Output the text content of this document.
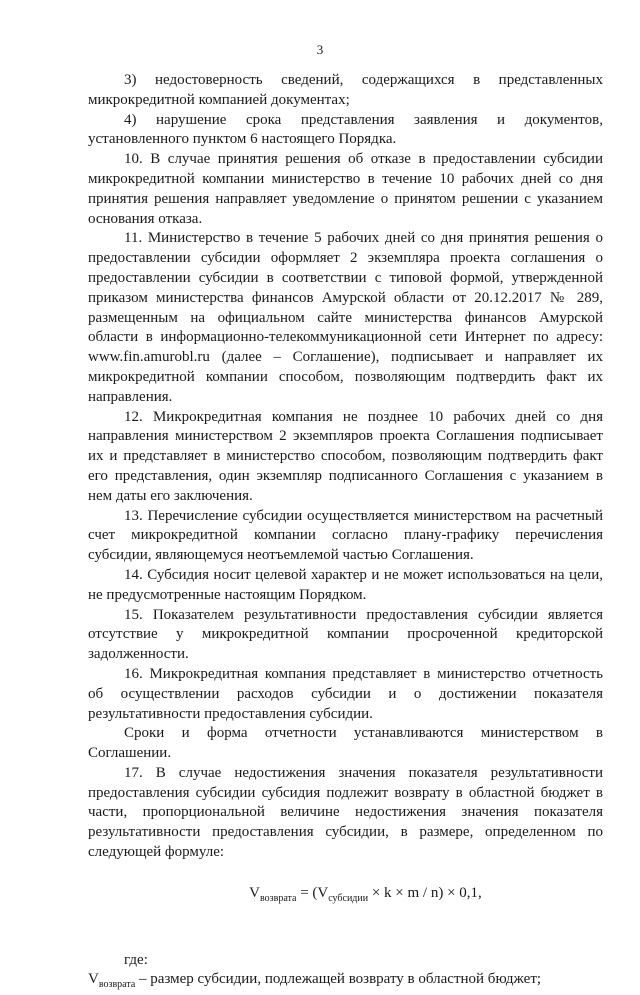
3

3) недостоверность сведений, содержащихся в представленных микрокредитной компанией документах;

4) нарушение срока представления заявления и документов, установленного пунктом 6 настоящего Порядка.

10. В случае принятия решения об отказе в предоставлении субсидии микрокредитной компании министерство в течение 10 рабочих дней со дня принятия решения направляет уведомление о принятом решении с указанием основания отказа.

11. Министерство в течение 5 рабочих дней со дня принятия решения о предоставлении субсидии оформляет 2 экземпляра проекта соглашения о предоставлении субсидии в соответствии с типовой формой, утвержденной приказом министерства финансов Амурской области от 20.12.2017 № 289, размещенным на официальном сайте министерства финансов Амурской области в информационно-телекоммуникационной сети Интернет по адресу: www.fin.amurobl.ru (далее – Соглашение), подписывает и направляет их микрокредитной компании способом, позволяющим подтвердить факт их направления.

12. Микрокредитная компания не позднее 10 рабочих дней со дня направления министерством 2 экземпляров проекта Соглашения подписывает их и представляет в министерство способом, позволяющим подтвердить факт его представления, один экземпляр подписанного Соглашения с указанием в нем даты его заключения.

13. Перечисление субсидии осуществляется министерством на расчетный счет микрокредитной компании согласно плану-графику перечисления субсидии, являющемуся неотъемлемой частью Соглашения.

14. Субсидия носит целевой характер и не может использоваться на цели, не предусмотренные настоящим Порядком.

15. Показателем результативности предоставления субсидии является отсутствие у микрокредитной компании просроченной кредиторской задолженности.

16. Микрокредитная компания представляет в министерство отчетность об осуществлении расходов субсидии и о достижении показателя результативности предоставления субсидии.

Сроки и форма отчетности устанавливаются министерством в Соглашении.

17. В случае недостижения значения показателя результативности предоставления субсидии субсидия подлежит возврату в областной бюджет в части, пропорциональной величине недостижения значения показателя результативности предоставления субсидии, в размере, определенном по следующей формуле:

$V_{возврата} = (V_{субсидии} \times k \times m / n) \times 0,1$,

где:

$V_{возврата}$ – размер субсидии, подлежащей возврату в областной бюджет;
